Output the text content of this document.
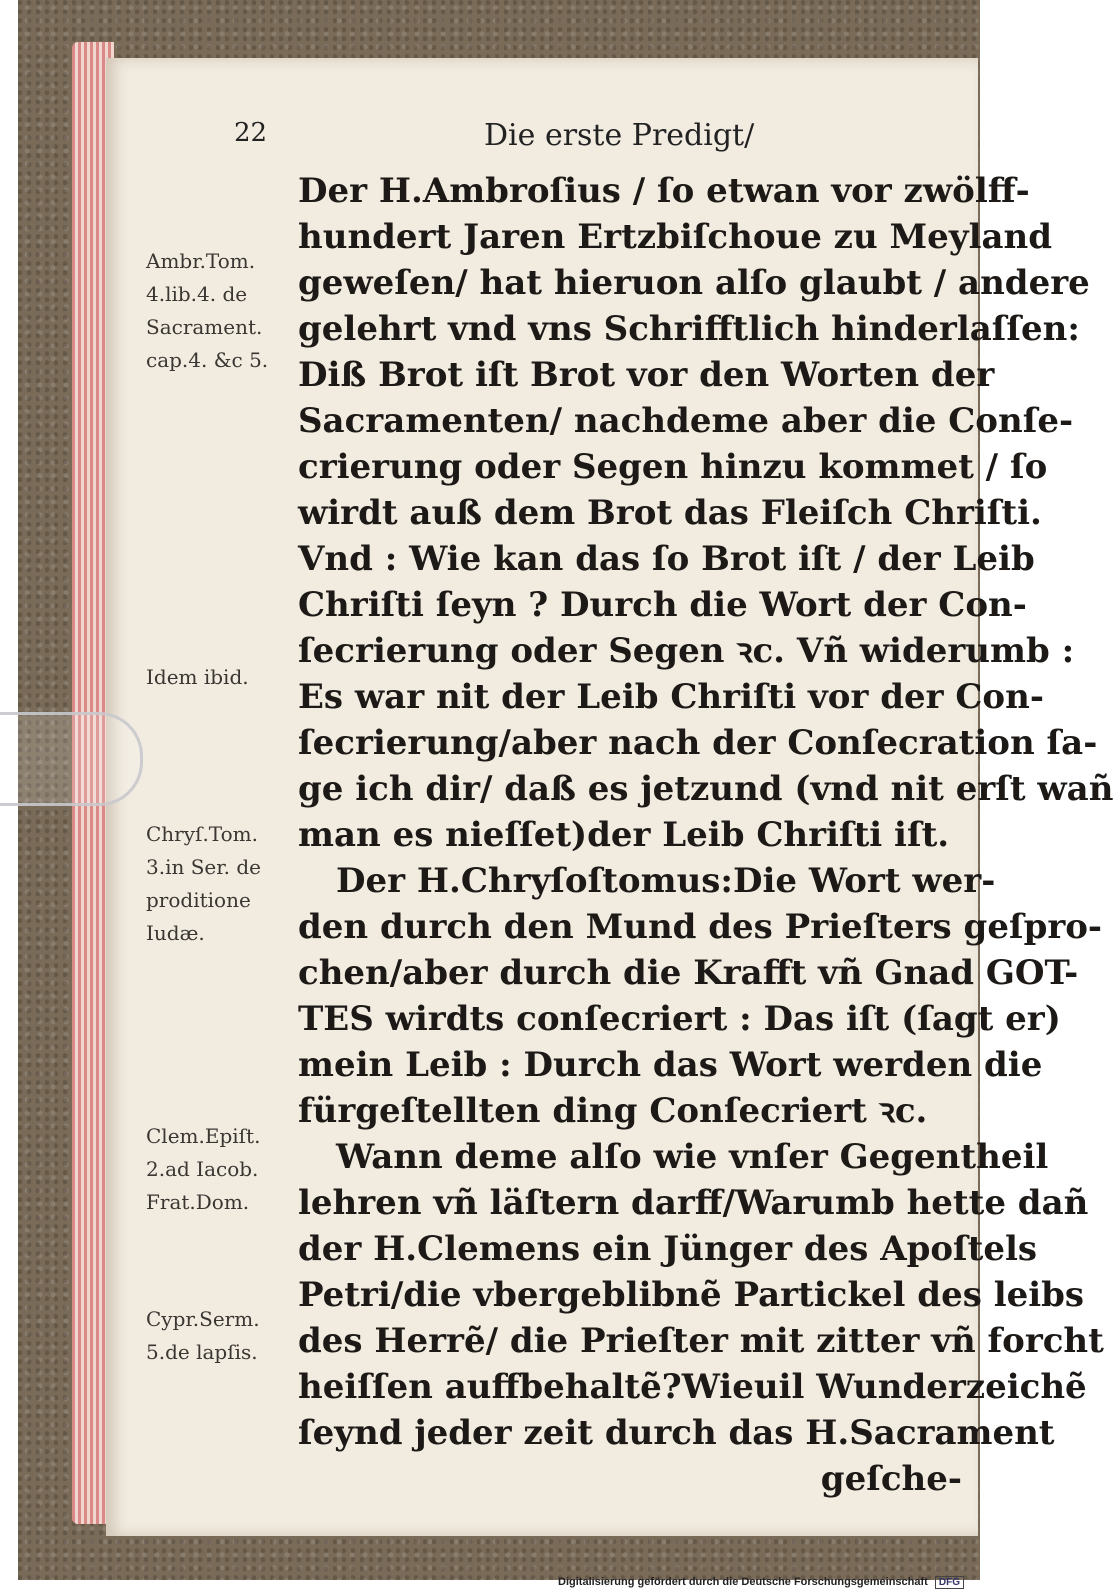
22	Die erste Predigt/
Ambr.Tom.
4.lib.4. de
Sacrament.
cap.4. &c 5.
Idem ibid.
Chryſ.Tom.
3.in Ser. de
proditione
Iudæ.
Clem.Epiſt.
2.ad Iacob.
Frat.Dom.
Cypr.Serm.
5.de lapſis.
Der H.Ambroſius / ſo etwan vor zwölff-
hundert Jaren Ertzbiſchoue zu Meyland
geweſen/ hat hieruon alſo glaubt / andere
gelehrt vnd vns Schrifftlich hinderlaſſen:
Diß Brot iſt Brot vor den Worten der
Sacramenten/ nachdeme aber die Conſe-
crierung oder Segen hinzu kommet / ſo
wirdt auß dem Brot das Fleiſch Chriſti.
Vnd : Wie kan das ſo Brot iſt / der Leib
Chriſti ſeyn ? Durch die Wort der Con-
ſecrierung oder Segen ꝛc. Vñ widerumb :
Es war nit der Leib Chriſti vor der Con-
ſecrierung/aber nach der Conſecration ſa-
ge ich dir/ daß es jetzund (vnd nit erſt wañ
man es nieſſet)der Leib Chriſti iſt.
Der H.Chryſoſtomus:Die Wort wer-
den durch den Mund des Prieſters geſpro-
chen/aber durch die Krafft vñ Gnad GOT-
TES wirdts conſecriert : Das iſt (ſagt er)
mein Leib : Durch das Wort werden die
fürgeſtellten ding Conſecriert ꝛc.
Wann deme alſo wie vnſer Gegentheil
lehren vñ läſtern darff/Warumb hette dañ
der H.Clemens ein Jünger des Apoſtels
Petri/die vbergeblibnẽ Partickel des leibs
des Herrẽ/ die Prieſter mit zitter vñ forcht
heiſſen auffbehaltẽ?Wieuil Wunderzeichẽ
ſeynd jeder zeit durch das H.Sacrament
geſche-
Digitalisierung gefördert durch die Deutsche Forschungsgemeinschaft DFG
